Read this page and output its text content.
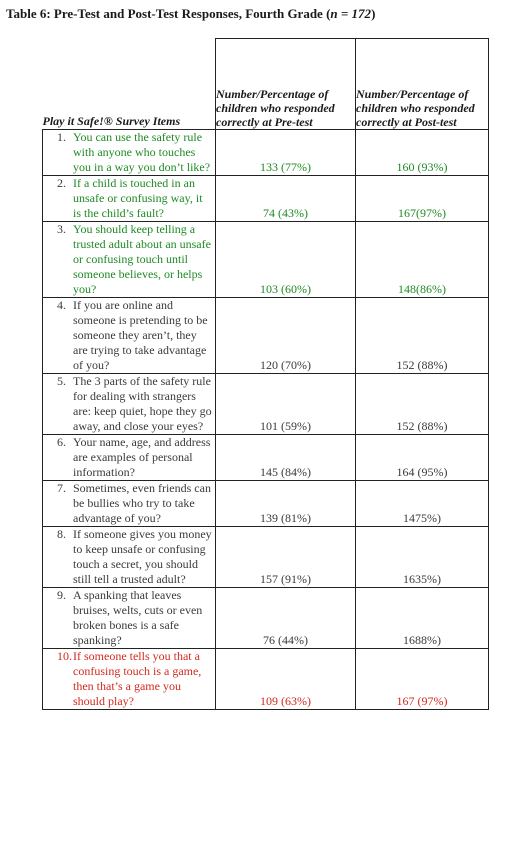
Table 6: Pre-Test and Post-Test Responses, Fourth Grade (n = 172)
Play it Safe!® Survey Items	Number/Percentage of children who responded correctly at Pre-test	Number/Percentage of children who responded correctly at Post-test

1. You can use the safety rule with anyone who touches you in a way you don’t like?	133 (77%)	160 (93%)

2. If a child is touched in an unsafe or confusing way, it is the child’s fault?	74 (43%)	167(97%)

3. You should keep telling a trusted adult about an unsafe or confusing touch until someone believes, or helps you?	103 (60%)	148(86%)

4. If you are online and someone is pretending to be someone they aren’t, they are trying to take advantage of you?	120 (70%)	152 (88%)

5. The 3 parts of the safety rule for dealing with strangers are: keep quiet, hope they go away, and close your eyes?	101 (59%)	152 (88%)

6. Your name, age, and address are examples of personal information?	145 (84%)	164 (95%)

7. Sometimes, even friends can be bullies who try to take advantage of you?	139 (81%)	1475%)

8. If someone gives you money to keep unsafe or confusing touch a secret, you should still tell a trusted adult?	157 (91%)	1635%)

9. A spanking that leaves bruises, welts, cuts or even broken bones is a safe spanking?	76 (44%)	1688%)

10. If someone tells you that a confusing touch is a game, then that’s a game you should play?	109 (63%)	167 (97%)
